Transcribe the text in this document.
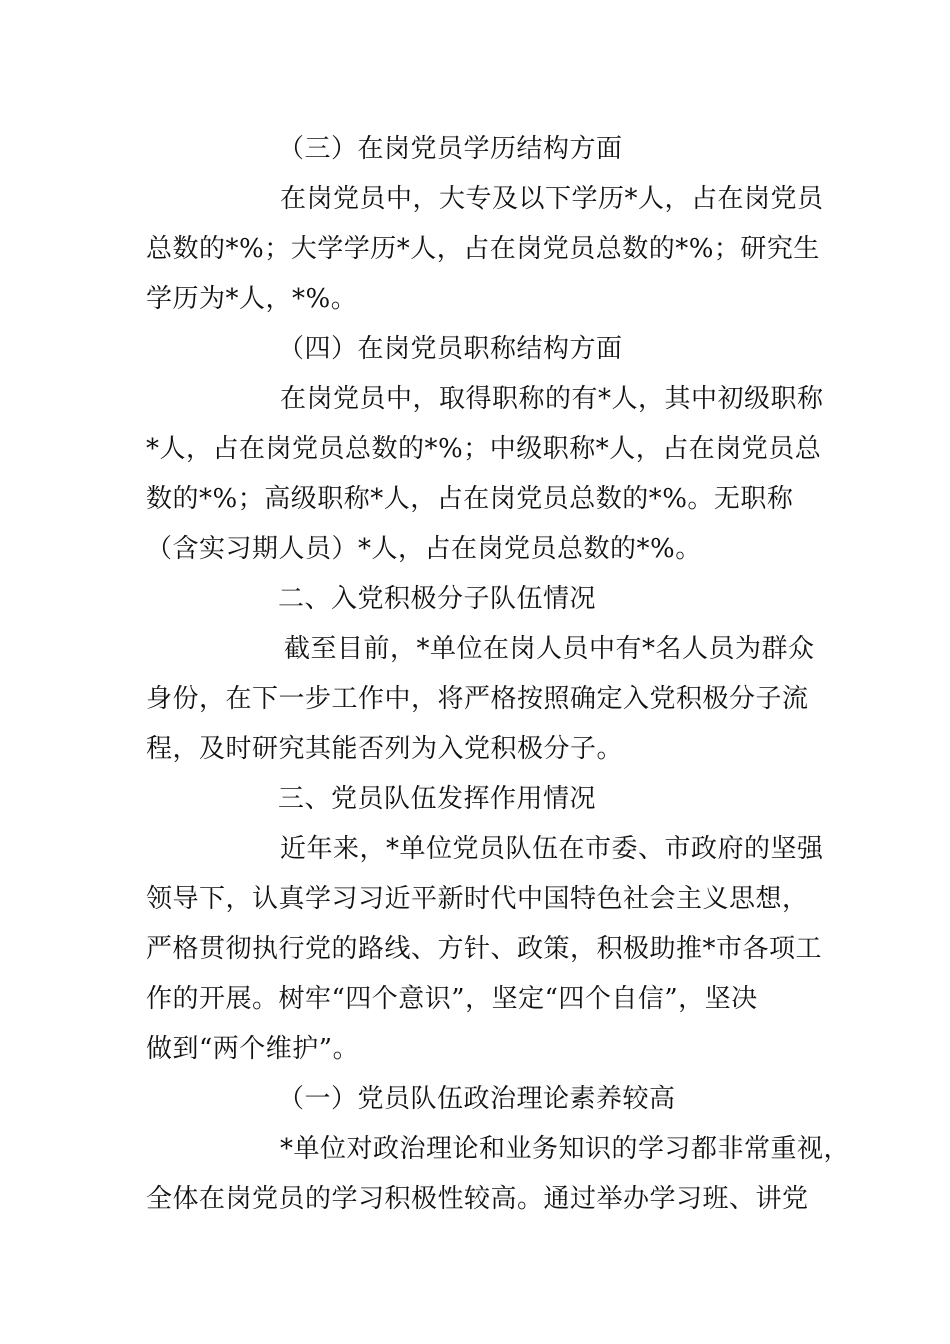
（三）在岗党员学历结构方面
在岗党员中，大专及以下学历*人，占在岗党员
总数的*%；大学学历*人，占在岗党员总数的*%；研究生
学历为*人，*%。
（四）在岗党员职称结构方面
在岗党员中，取得职称的有*人，其中初级职称
*人，占在岗党员总数的*%；中级职称*人，占在岗党员总
数的*%；高级职称*人，占在岗党员总数的*%。无职称
（含实习期人员）*人，占在岗党员总数的*%。
二、入党积极分子队伍情况
截至目前，*单位在岗人员中有*名人员为群众
身份，在下一步工作中，将严格按照确定入党积极分子流
程，及时研究其能否列为入党积极分子。
三、党员队伍发挥作用情况
近年来，*单位党员队伍在市委、市政府的坚强
领导下，认真学习习近平新时代中国特色社会主义思想，
严格贯彻执行党的路线、方针、政策，积极助推*市各项工
作的开展。树牢“四个意识”，坚定“四个自信”，坚决
做到“两个维护”。
（一）党员队伍政治理论素养较高
*单位对政治理论和业务知识的学习都非常重视，
全体在岗党员的学习积极性较高。通过举办学习班、讲党
